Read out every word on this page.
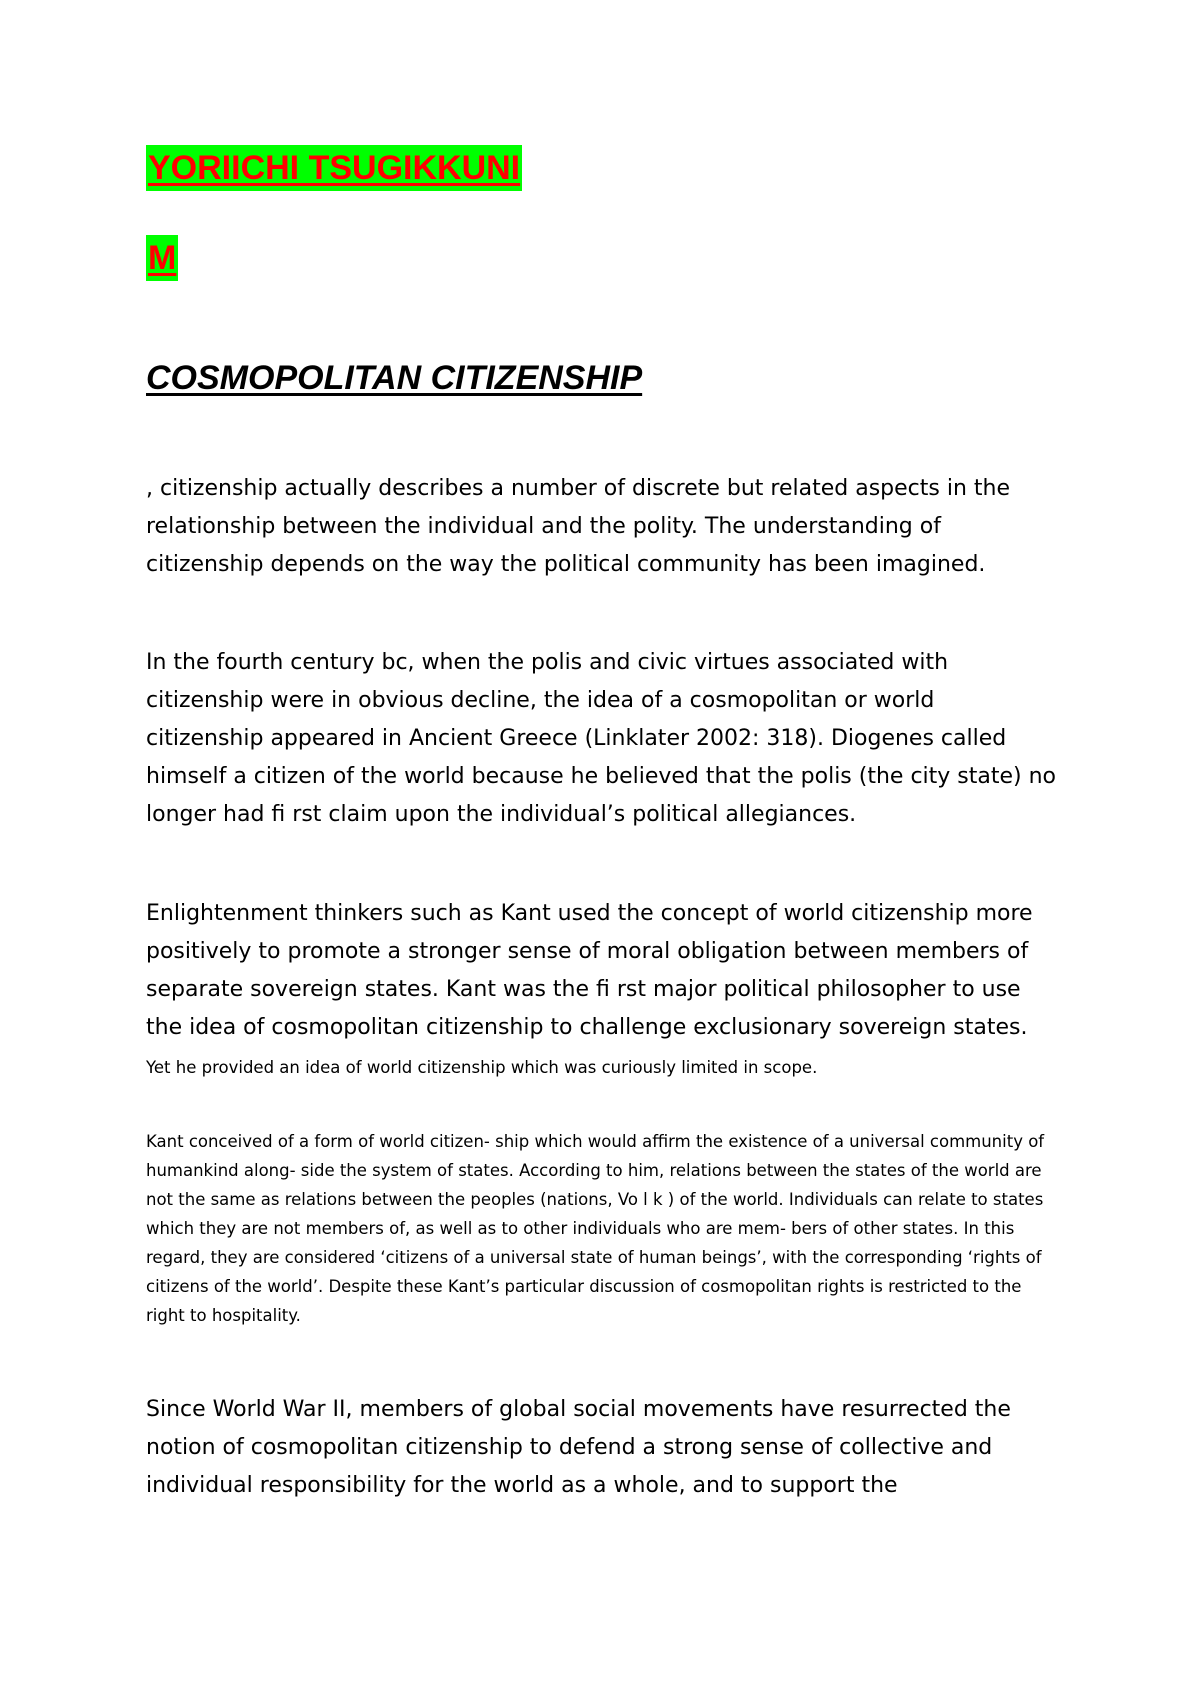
YORIICHI TSUGIKKUNI
M
COSMOPOLITAN CITIZENSHIP

, citizenship actually describes a number of discrete but related aspects in the relationship between the individual and the polity. The understanding of citizenship depends on the way the political community has been imagined.

In the fourth century bc, when the polis and civic virtues associated with citizenship were in obvious decline, the idea of a cosmopolitan or world citizenship appeared in Ancient Greece (Linklater 2002: 318). Diogenes called himself a citizen of the world because he believed that the polis (the city state) no longer had fi rst claim upon the individual’s political allegiances.

Enlightenment thinkers such as Kant used the concept of world citizenship more positively to promote a stronger sense of moral obligation between members of separate sovereign states. Kant was the fi rst major political philosopher to use the idea of cosmopolitan citizenship to challenge exclusionary sovereign states. Yet he provided an idea of world citizenship which was curiously limited in scope.

Kant conceived of a form of world citizen- ship which would affirm the existence of a universal community of humankind along- side the system of states. According to him, relations between the states of the world are not the same as relations between the peoples (nations, Vo l k ) of the world. Individuals can relate to states which they are not members of, as well as to other individuals who are mem- bers of other states. In this regard, they are considered ‘citizens of a universal state of human beings’, with the corresponding ‘rights of citizens of the world’. Despite these Kant’s particular discussion of cosmopolitan rights is restricted to the right to hospitality.

Since World War II, members of global social movements have resurrected the notion of cosmopolitan citizenship to defend a strong sense of collective and individual responsibility for the world as a whole, and to support the
